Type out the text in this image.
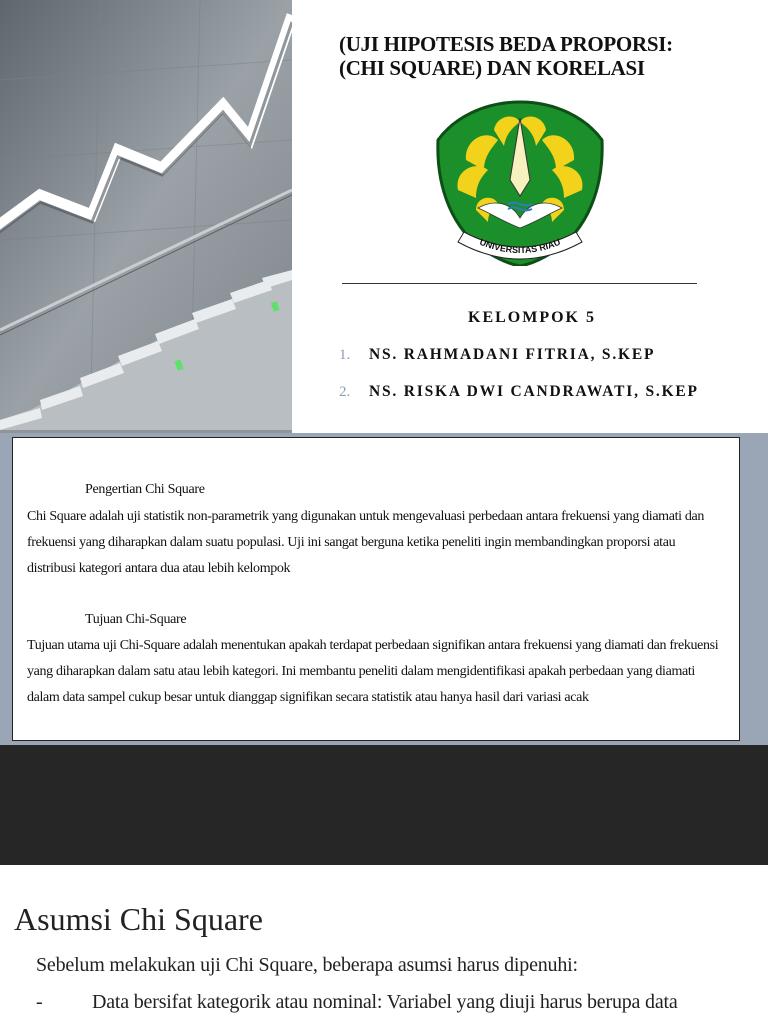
(UJI HIPOTESIS BEDA PROPORSI:
(CHI SQUARE) DAN KORELASI
UNIVERSITAS RIAU
KELOMPOK 5
1.	NS. RAHMADANI FITRIA, S.KEP
2.	NS. RISKA DWI CANDRAWATI, S.KEP
Pengertian Chi Square
Chi Square adalah uji statistik non-parametrik yang digunakan untuk mengevaluasi perbedaan antara frekuensi yang diamati dan
frekuensi yang diharapkan dalam suatu populasi. Uji ini sangat berguna ketika peneliti ingin membandingkan proporsi atau
distribusi kategori antara dua atau lebih kelompok
Tujuan Chi-Square
Tujuan utama uji Chi-Square adalah menentukan apakah terdapat perbedaan signifikan antara frekuensi yang diamati dan frekuensi
yang diharapkan dalam satu atau lebih kategori. Ini membantu peneliti dalam mengidentifikasi apakah perbedaan yang diamati
dalam data sampel cukup besar untuk dianggap signifikan secara statistik atau hanya hasil dari variasi acak
Asumsi Chi Square
Sebelum melakukan uji Chi Square, beberapa asumsi harus dipenuhi:
- Data bersifat kategorik atau nominal: Variabel yang diuji harus berupa data
